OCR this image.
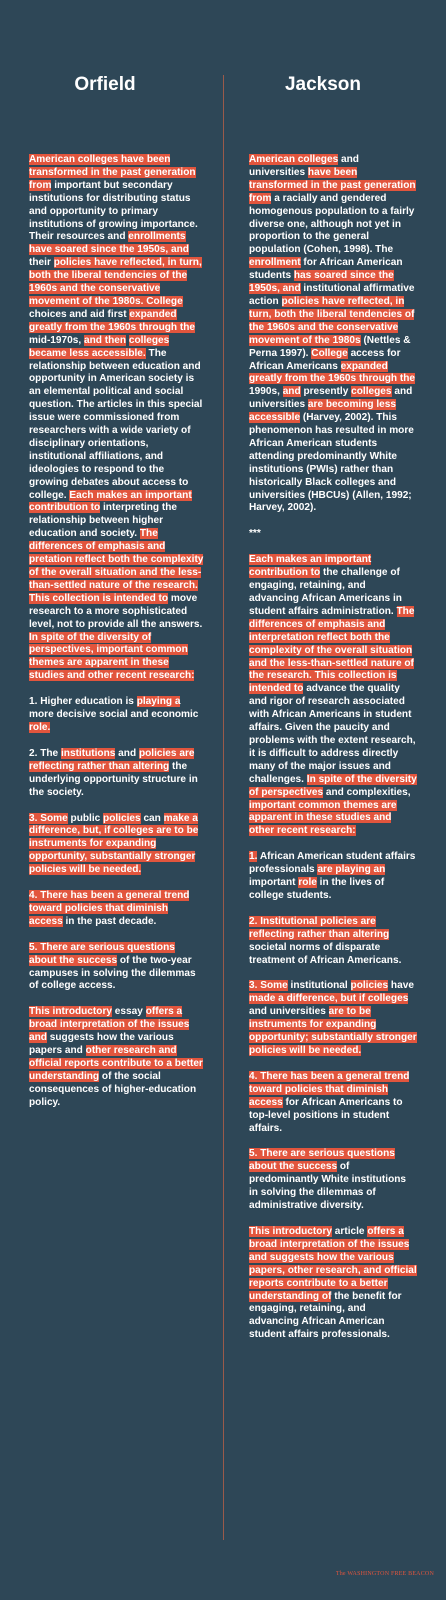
Orfield	Jackson
American colleges have been transformed in the past generation from important but secondary institutions for distributing status and opportunity to primary institutions of growing importance. Their resources and enrollments have soared since the 1950s, and their policies have reflected, in turn, both the liberal tendencies of the 1960s and the conservative movement of the 1980s. College choices and aid first expanded greatly from the 1960s through the mid-1970s, and then colleges became less accessible. The relationship between education and opportunity in American society is an elemental political and social question. The articles in this special issue were commissioned from researchers with a wide variety of disciplinary orientations, institutional affiliations, and ideologies to respond to the growing debates about access to college. Each makes an important contribution to interpreting the relationship between higher education and society. The differences of emphasis and pretation reflect both the complexity of the overall situation and the less-than-settled nature of the research. This collection is intended to move research to a more sophisticated level, not to provide all the answers. In spite of the diversity of perspectives, important common themes are apparent in these studies and other recent research:
1. Higher education is playing a more decisive social and economic role.
2. The institutions and policies are reflecting rather than altering the underlying opportunity structure in the society.
3. Some public policies can make a difference, but, if colleges are to be instruments for expanding opportunity, substantially stronger policies will be needed.
4. There has been a general trend toward policies that diminish access in the past decade.
5. There are serious questions about the success of the two-year campuses in solving the dilemmas of college access.
This introductory essay offers a broad interpretation of the issues and suggests how the various papers and other research and official reports contribute to a better understanding of the social consequences of higher-education policy.
American colleges and universities have been transformed in the past generation from a racially and gendered homogenous population to a fairly diverse one, although not yet in proportion to the general population (Cohen, 1998). The enrollment for African American students has soared since the 1950s, and institutional affirmative action policies have reflected, in turn, both the liberal tendencies of the 1960s and the conservative movement of the 1980s (Nettles & Perna 1997). College access for African Americans expanded greatly from the 1960s through the 1990s, and presently colleges and universities are becoming less accessible (Harvey, 2002). This phenomenon has resulted in more African American students attending predominantly White institutions (PWIs) rather than historically Black colleges and universities (HBCUs) (Allen, 1992; Harvey, 2002).
***
Each makes an important contribution to the challenge of engaging, retaining, and advancing African Americans in student affairs administration. The differences of emphasis and interpretation reflect both the complexity of the overall situation and the less-than-settled nature of the research. This collection is intended to advance the quality and rigor of research associated with African Americans in student affairs. Given the paucity and problems with the extent research, it is difficult to address directly many of the major issues and challenges. In spite of the diversity of perspectives and complexities, important common themes are apparent in these studies and other recent research:
1. African American student affairs professionals are playing an important role in the lives of college students.
2. Institutional policies are reflecting rather than altering societal norms of disparate treatment of African Americans.
3. Some institutional policies have made a difference, but if colleges and universities are to be instruments for expanding opportunity; substantially stronger policies will be needed.
4. There has been a general trend toward policies that diminish access for African Americans to top-level positions in student affairs.
5. There are serious questions about the success of predominantly White institutions in solving the dilemmas of administrative diversity.
This introductory article offers a broad interpretation of the issues and suggests how the various papers, other research, and official reports contribute to a better understanding of the benefit for engaging, retaining, and advancing African American student affairs professionals.
The WASHINGTON FREE BEACON
